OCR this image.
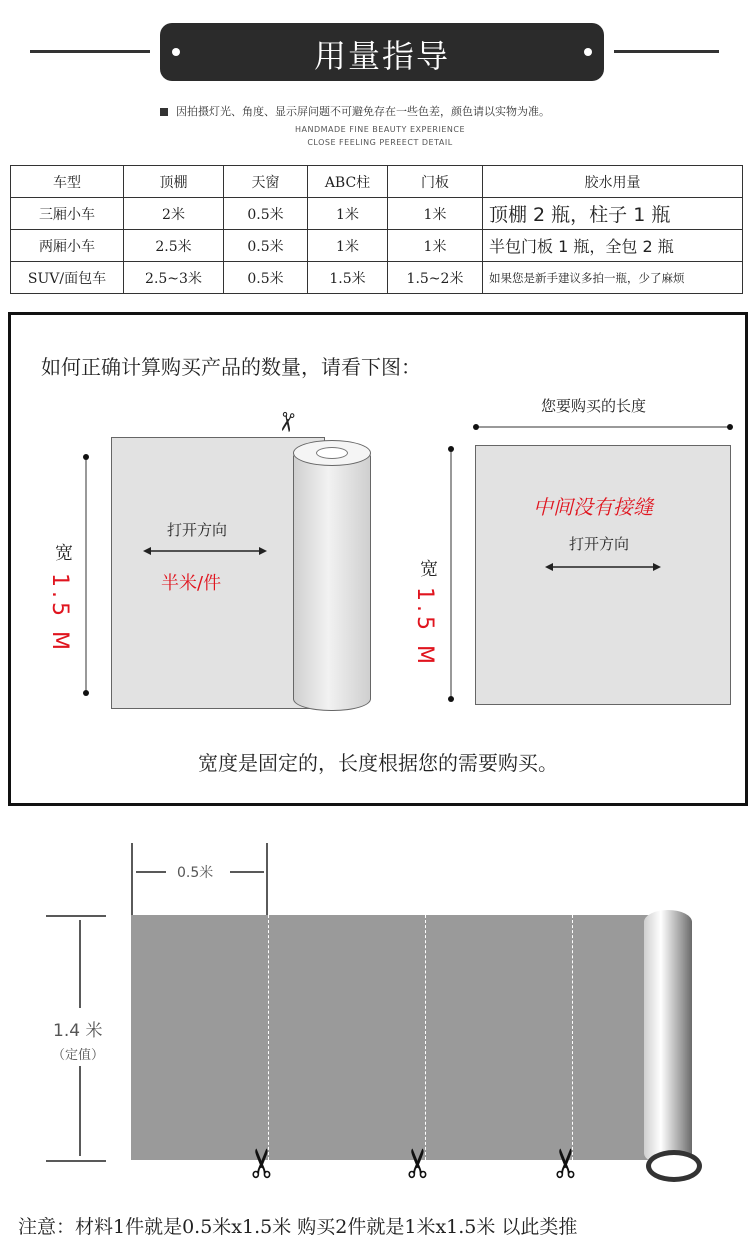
用量指导
因拍摄灯光、角度、显示屏问题不可避免存在一些色差，颜色请以实物为准。
HANDMADE FINE BEAUTY EXPERIENCE
CLOSE FEELING PEREECT DETAIL
车型	顶棚	天窗	ABC柱	门板	胶水用量
三厢小车	2米	0.5米	1米	1米	顶棚 2 瓶，柱子 1 瓶
两厢小车	2.5米	0.5米	1米	1米	半包门板 1 瓶，全包 2 瓶
SUV/面包车	2.5~3米	0.5米	1.5米	1.5~2米	如果您是新手建议多拍一瓶，少了麻烦
如何正确计算购买产品的数量，请看下图：
✂
宽
1.5 M
打开方向
半米/件
您要购买的长度
中间没有接缝
打开方向
宽
1.5 M
宽度是固定的，长度根据您的需要购买。
0.5米
1.4 米
（定值）
✂	✂	✂
注意：材料1件就是0.5米x1.5米 购买2件就是1米x1.5米 以此类推
